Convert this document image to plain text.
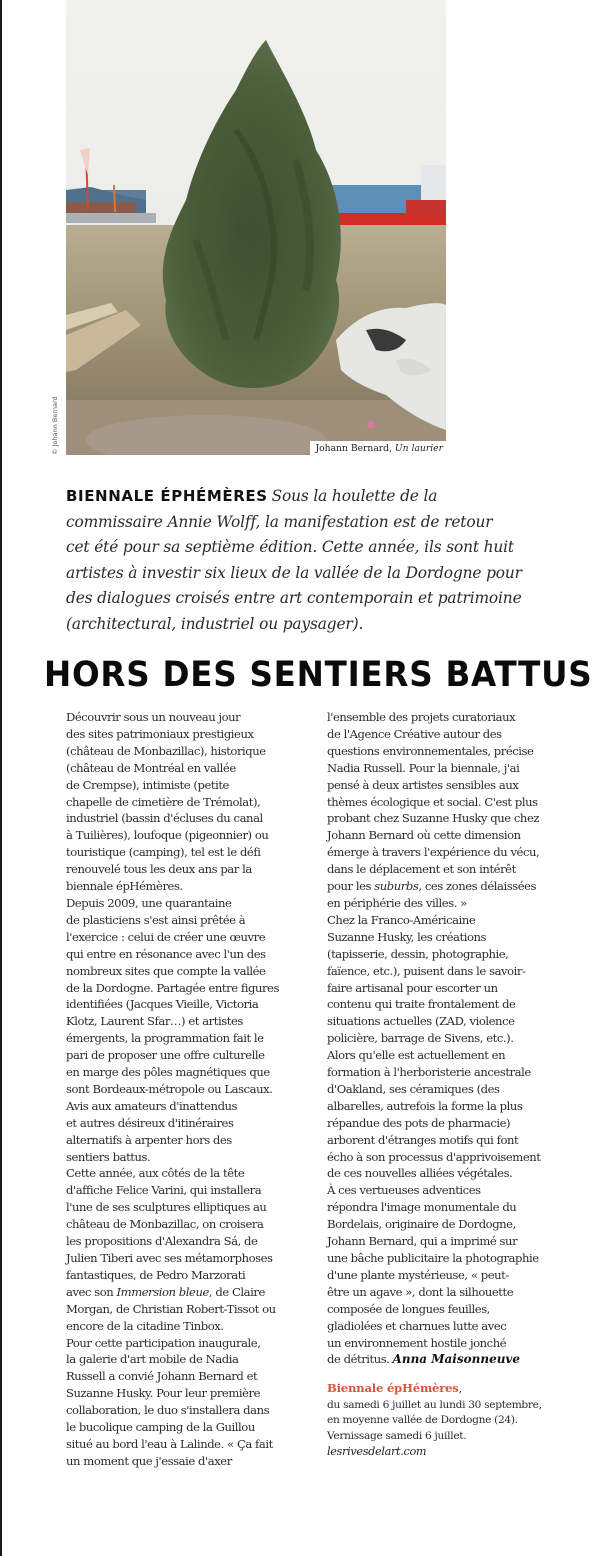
Johann Bernard, Un laurier
© Johann Bernard
BIENNALE ÉPHÉMÈRES Sous la houlette de la
commissaire Annie Wolff, la manifestation est de retour
cet été pour sa septième édition. Cette année, ils sont huit
artistes à investir six lieux de la vallée de la Dordogne pour
des dialogues croisés entre art contemporain et patrimoine
(architectural, industriel ou paysager).
HORS DES SENTIERS BATTUS
Découvrir sous un nouveau jour
des sites patrimoniaux prestigieux
(château de Monbazillac), historique
(château de Montréal en vallée
de Crempse), intimiste (petite
chapelle de cimetière de Trémolat),
industriel (bassin d'écluses du canal
à Tuilières), loufoque (pigeonnier) ou
touristique (camping), tel est le défi
renouvelé tous les deux ans par la
biennale épHémères.
Depuis 2009, une quarantaine
de plasticiens s'est ainsi prêtée à
l'exercice : celui de créer une œuvre
qui entre en résonance avec l'un des
nombreux sites que compte la vallée
de la Dordogne. Partagée entre figures
identifiées (Jacques Vieille, Victoria
Klotz, Laurent Sfar…) et artistes
émergents, la programmation fait le
pari de proposer une offre culturelle
en marge des pôles magnétiques que
sont Bordeaux-métropole ou Lascaux.
Avis aux amateurs d'inattendus
et autres désireux d'itinéraires
alternatifs à arpenter hors des
sentiers battus.
Cette année, aux côtés de la tête
d'affiche Felice Varini, qui installera
l'une de ses sculptures elliptiques au
château de Monbazillac, on croisera
les propositions d'Alexandra Sá, de
Julien Tiberi avec ses métamorphoses
fantastiques, de Pedro Marzorati
avec son Immersion bleue, de Claire
Morgan, de Christian Robert-Tissot ou
encore de la citadine Tinbox.
Pour cette participation inaugurale,
la galerie d'art mobile de Nadia
Russell a convié Johann Bernard et
Suzanne Husky. Pour leur première
collaboration, le duo s'installera dans
le bucolique camping de la Guillou
situé au bord l'eau à Lalinde. « Ça fait
un moment que j'essaie d'axer
l'ensemble des projets curatoriaux
de l'Agence Créative autour des
questions environnementales, précise
Nadia Russell. Pour la biennale, j'ai
pensé à deux artistes sensibles aux
thèmes écologique et social. C'est plus
probant chez Suzanne Husky que chez
Johann Bernard où cette dimension
émerge à travers l'expérience du vécu,
dans le déplacement et son intérêt
pour les suburbs, ces zones délaissées
en périphérie des villes. »
Chez la Franco-Américaine
Suzanne Husky, les créations
(tapisserie, dessin, photographie,
faïence, etc.), puisent dans le savoir-
faire artisanal pour escorter un
contenu qui traite frontalement de
situations actuelles (ZAD, violence
policière, barrage de Sivens, etc.).
Alors qu'elle est actuellement en
formation à l'herboristerie ancestrale
d'Oakland, ses céramiques (des
albarelles, autrefois la forme la plus
répandue des pots de pharmacie)
arborent d'étranges motifs qui font
écho à son processus d'apprivoisement
de ces nouvelles alliées végétales.
À ces vertueuses adventices
répondra l'image monumentale du
Bordelais, originaire de Dordogne,
Johann Bernard, qui a imprimé sur
une bâche publicitaire la photographie
d'une plante mystérieuse, « peut-
être un agave », dont la silhouette
composée de longues feuilles,
gladiolées et charnues lutte avec
un environnement hostile jonché
de détritus. Anna Maisonneuve
Biennale épHémères,
du samedi 6 juillet au lundi 30 septembre,
en moyenne vallée de Dordogne (24).
Vernissage samedi 6 juillet.
lesrivesdelart.com
